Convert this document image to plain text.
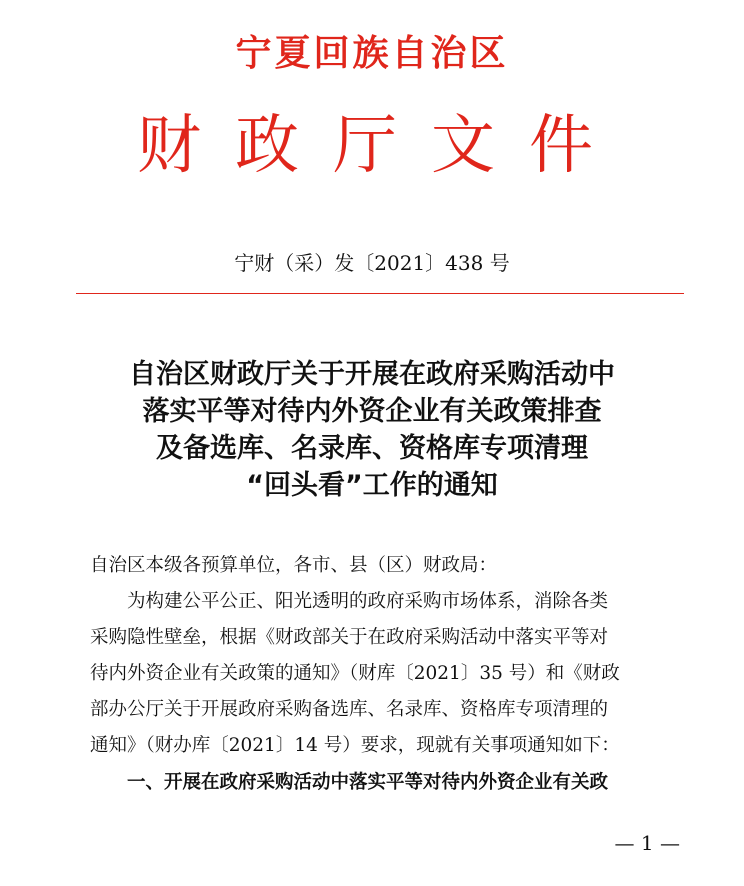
宁夏回族自治区
财政厅文件
宁财（采）发〔2021〕438 号
自治区财政厅关于开展在政府采购活动中
落实平等对待内外资企业有关政策排查
及备选库、名录库、资格库专项清理
“回头看”工作的通知
自治区本级各预算单位，各市、县（区）财政局：
为构建公平公正、阳光透明的政府采购市场体系，消除各类
采购隐性壁垒，根据《财政部关于在政府采购活动中落实平等对
待内外资企业有关政策的通知》（财库〔2021〕35 号）和《财政
部办公厅关于开展政府采购备选库、名录库、资格库专项清理的
通知》（财办库〔2021〕14 号）要求，现就有关事项通知如下：
一、开展在政府采购活动中落实平等对待内外资企业有关政
— 1 —
